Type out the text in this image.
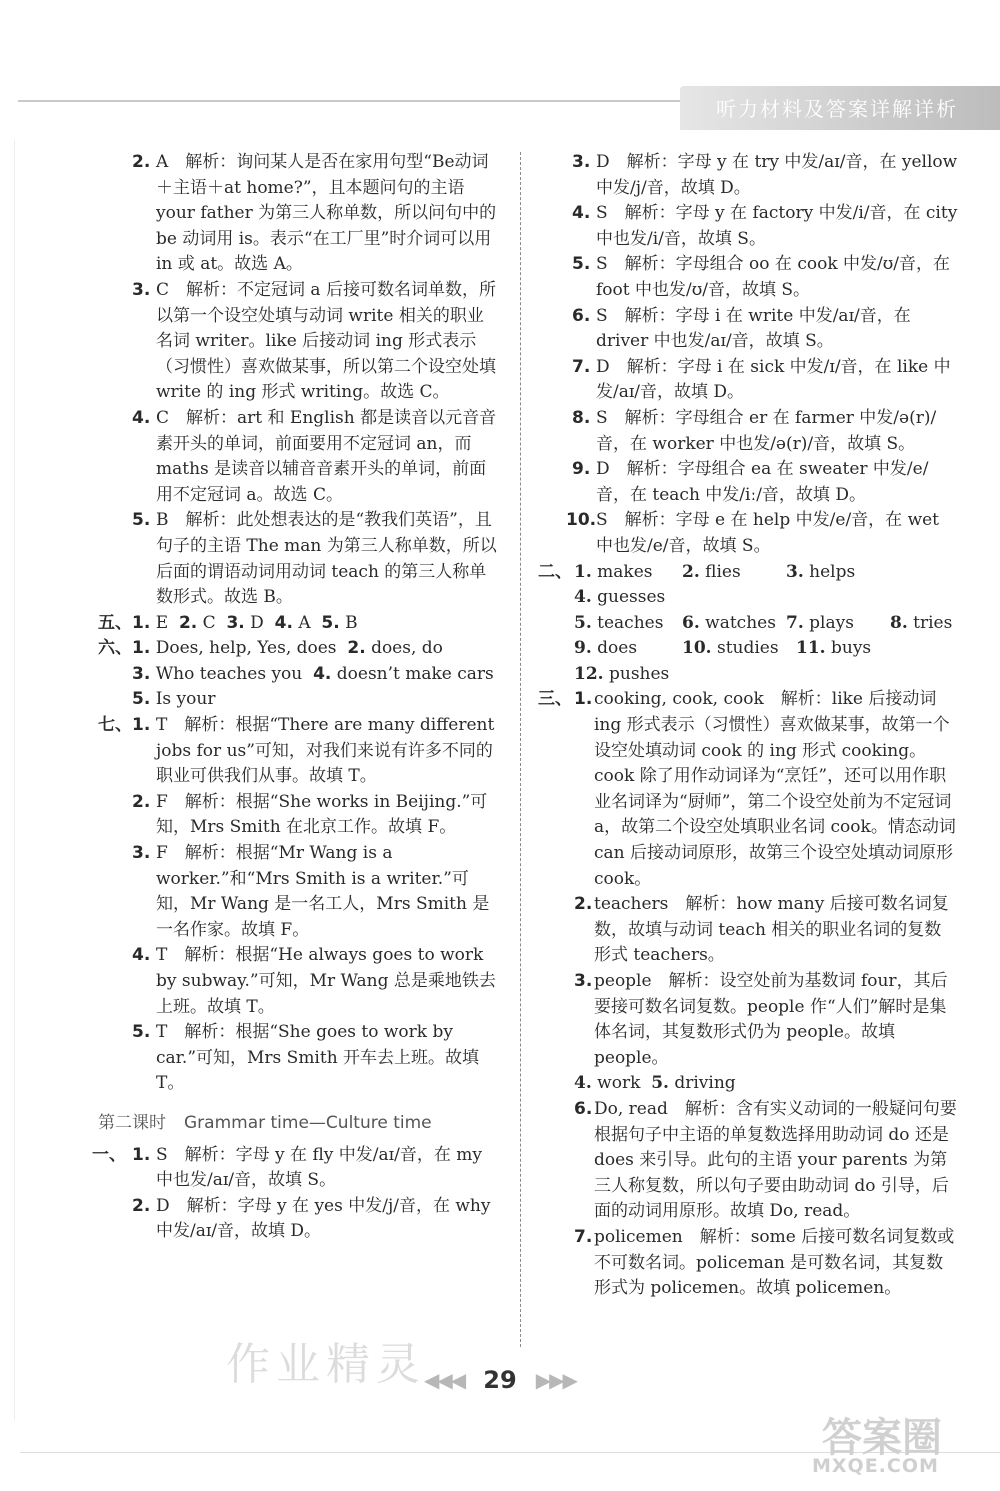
听力材料及答案详解详析
2. A　解析：询问某人是否在家用句型“Be动词＋主语＋at home?”，且本题问句的主语 your father 为第三人称单数，所以问句中的 be 动词用 is。表示“在工厂里”时介词可以用 in 或 at。故选 A。
3. C　解析：不定冠词 a 后接可数名词单数，所以第一个设空处填与动词 write 相关的职业名词 writer。like 后接动词 ing 形式表示（习惯性）喜欢做某事，所以第二个设空处填 write 的 ing 形式 writing。故选 C。
4. C　解析：art 和 English 都是读音以元音音素开头的单词，前面要用不定冠词 an，而 maths 是读音以辅音音素开头的单词，前面用不定冠词 a。故选 C。
5. B　解析：此处想表达的是“教我们英语”，且句子的主语 The man 为第三人称单数，所以后面的谓语动词用动词 teach 的第三人称单数形式。故选 B。
五、 1. E 2. C 3. D 4. A 5. B
六、 1. Does, help, Yes, does 2. does, do
3. Who teaches you 4. doesn’t make cars
5. Is your
七、 1. T　解析：根据“There are many different jobs for us”可知，对我们来说有许多不同的职业可供我们从事。故填 T。
2. F　解析：根据“She works in Beijing.”可知，Mrs Smith 在北京工作。故填 F。
3. F　解析：根据“Mr Wang is a worker.”和“Mrs Smith is a writer.”可知，Mr Wang 是一名工人，Mrs Smith 是一名作家。故填 F。
4. T　解析：根据“He always goes to work by subway.”可知，Mr Wang 总是乘地铁去上班。故填 T。
5. T　解析：根据“She goes to work by car.”可知，Mrs Smith 开车去上班。故填 T。
第二课时 Grammar time—Culture time
一、 1. S　解析：字母 y 在 fly 中发/aɪ/音，在 my 中也发/aɪ/音，故填 S。
2. D　解析：字母 y 在 yes 中发/j/音，在 why 中发/aɪ/音，故填 D。
3. D　解析：字母 y 在 try 中发/aɪ/音，在 yellow 中发/j/音，故填 D。
4. S　解析：字母 y 在 factory 中发/i/音，在 city 中也发/i/音，故填 S。
5. S　解析：字母组合 oo 在 cook 中发/ʊ/音，在 foot 中也发/ʊ/音，故填 S。
6. S　解析：字母 i 在 write 中发/aɪ/音，在 driver 中也发/aɪ/音，故填 S。
7. D　解析：字母 i 在 sick 中发/ɪ/音，在 like 中发/aɪ/音，故填 D。
8. S　解析：字母组合 er 在 farmer 中发/ə(r)/音，在 worker 中也发/ə(r)/音，故填 S。
9. D　解析：字母组合 ea 在 sweater 中发/e/音，在 teach 中发/iː/音，故填 D。
10. S　解析：字母 e 在 help 中发/e/音，在 wet 中也发/e/音，故填 S。
二、 1. makes 2. flies	3. helps4. guesses
5. teaches 6. watches 7. plays 8. tries
9. does	10. studies 11. buys12. pushes
三、 1. cooking, cook, cook　解析：like 后接动词 ing 形式表示（习惯性）喜欢做某事，故第一个设空处填动词 cook 的 ing 形式 cooking。cook 除了用作动词译为“烹饪”，还可以用作职业名词译为“厨师”，第二个设空处前为不定冠词 a，故第二个设空处填职业名词 cook。情态动词 can 后接动词原形，故第三个设空处填动词原形 cook。
2. teachers　解析：how many 后接可数名词复数，故填与动词 teach 相关的职业名词的复数形式 teachers。
3. people　解析：设空处前为基数词 four，其后要接可数名词复数。people 作“人们”解时是集体名词，其复数形式仍为 people。故填 people。
4. work 5. driving
6. Do, read　解析：含有实义动词的一般疑问句要根据句子中主语的单复数选择用助动词 do 还是 does 来引导。此句的主语 your parents 为第三人称复数，所以句子要由助动词 do 引导，后面的动词用原形。故填 Do, read。
7. policemen　解析：some 后接可数名词复数或不可数名词。policeman 是可数名词，其复数形式为 policemen。故填 policemen。
作业精灵
◀◀◀ 29 ▶▶▶
答案圈
MXQE.COM
